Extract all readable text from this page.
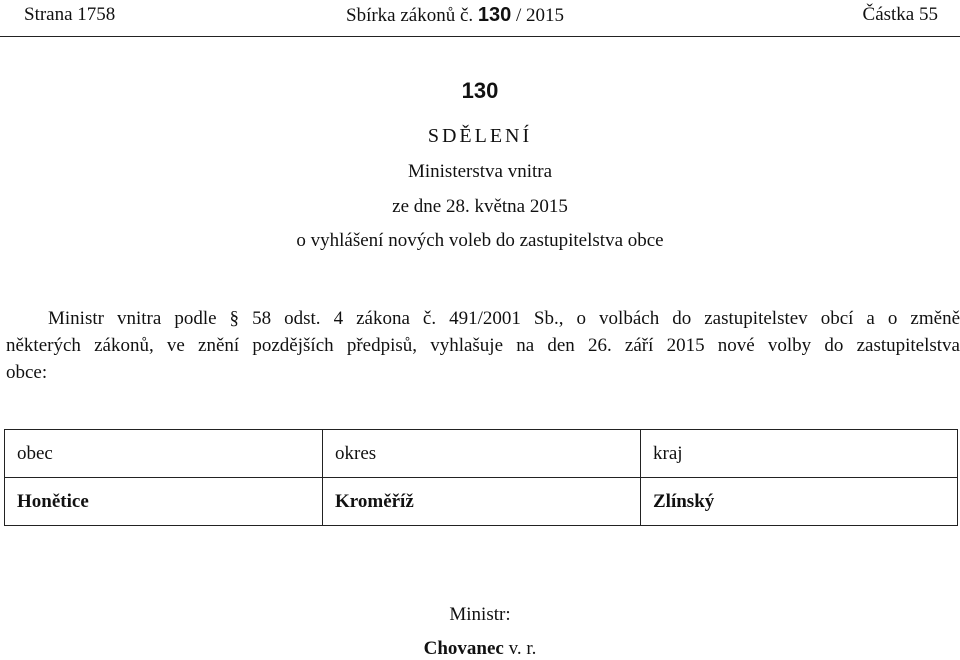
Strana 1758	Sbírka zákonů č. 130 / 2015	Částka 55
130
SDĚLENÍ
Ministerstva vnitra
ze dne 28. května 2015
o vyhlášení nových voleb do zastupitelstva obce
Ministr vnitra podle § 58 odst. 4 zákona č. 491/2001 Sb., o volbách do zastupitelstev obcí a o změně
některých zákonů, ve znění pozdějších předpisů, vyhlašuje na den 26. září 2015 nové volby do zastupitelstva
obce:
obec	okres	kraj
Honětice	Kroměříž	Zlínský
Ministr:
Chovanec v. r.
